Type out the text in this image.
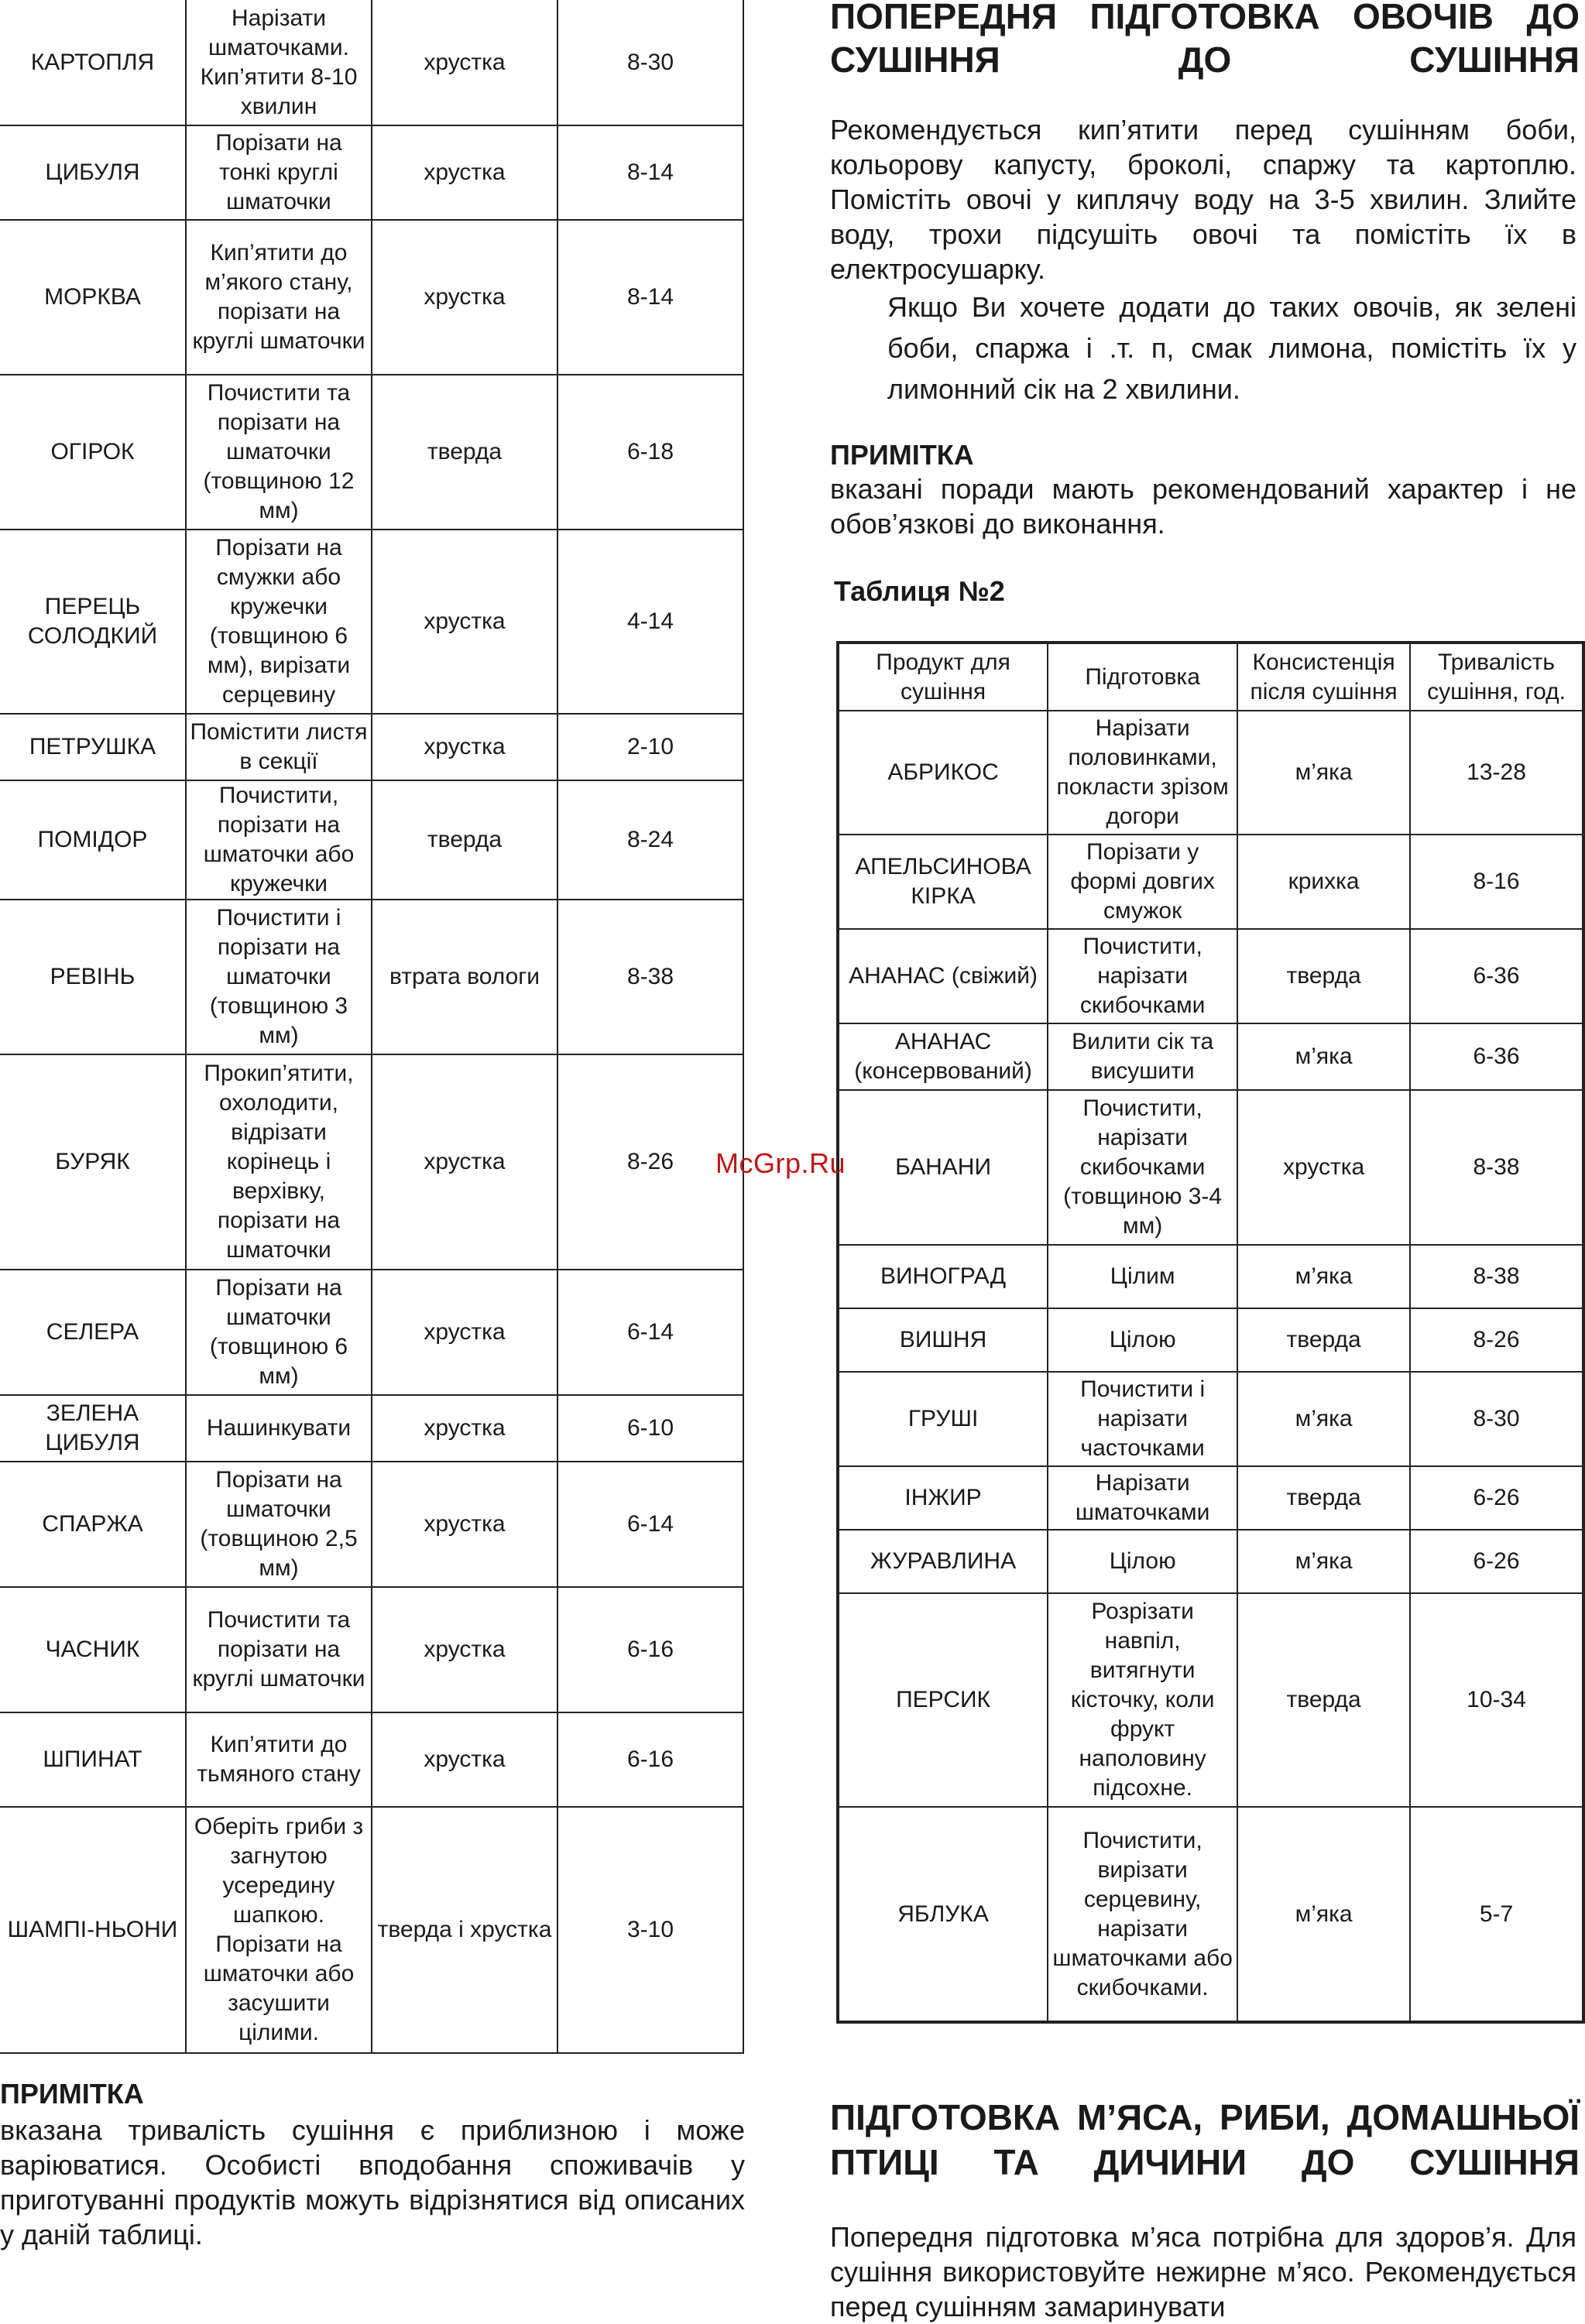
КАРТОПЛЯ	Нарізати шматочками. Кип’ятити 8-10 хвилин	хрустка	8-30
ЦИБУЛЯ	Порізати на тонкі круглі шматочки	хрустка	8-14
МОРКВА	Кип’ятити до м’якого стану, порізати на круглі шматочки	хрустка	8-14
ОГІРОК	Почистити та порізати на шматочки (товщиною 12 мм)	тверда	6-18
ПЕРЕЦЬ СОЛОДКИЙ	Порізати на смужки або кружечки (товщиною 6 мм), вирізати серцевину	хрустка	4-14
ПЕТРУШКА	Помістити листя в секції	хрустка	2-10
ПОМІДОР	Почистити, порізати на шматочки або кружечки	тверда	8-24
РЕВІНЬ	Почистити і порізати на шматочки (товщиною 3 мм)	втрата вологи	8-38
БУРЯК	Прокип’ятити, охолодити, відрізати корінець і верхівку, порізати на шматочки	хрустка	8-26
СЕЛЕРА	Порізати на шматочки (товщиною 6 мм)	хрустка	6-14
ЗЕЛЕНА ЦИБУЛЯ	Нашинкувати	хрустка	6-10
СПАРЖА	Порізати на шматочки (товщиною 2,5 мм)	хрустка	6-14
ЧАСНИК	Почистити та порізати на круглі шматочки	хрустка	6-16
ШПИНАТ	Кип’ятити до тьмяного стану	хрустка	6-16
ШАМПІ-НЬОНИ	Оберіть гриби з загнутою усередину шапкою. Порізати на шматочки або засушити цілими.	тверда і хрустка	3-10
ПРИМІТКА

вказана тривалість сушіння є приблизною і може варіюватися. Особисті вподобання споживачів у приготуванні продуктів можуть відрізнятися від описаних у даній таблиці.

ПОПЕРЕДНЯ ПІДГОТОВКА ОВОЧІВ ДО СУШІННЯ ДО СУШІННЯ

Рекомендується кип’ятити перед сушінням боби, кольорову капусту, броколі, спаржу та картоплю. Помістіть овочі у киплячу воду на 3-5 хвилин. Злийте воду, трохи підсушіть овочі та помістіть їх в електросушарку.

Якщо Ви хочете додати до таких овочів, як зелені боби, спаржа і .т. п, смак лимона, помістіть їх у лимонний сік на 2 хвилини.

ПРИМІТКА

вказані поради мають рекомендований характер і не обов’язкові до виконання.

Таблиця №2
Продукт для сушіння	Підготовка	Консистенція після сушіння	Тривалість сушіння, год.
АБРИКОС	Нарізати половинками, покласти зрізом догори	м’яка	13-28
АПЕЛЬСИНОВА КІРКА	Порізати у формі довгих смужок	крихка	8-16
АНАНАС (свіжий)	Почистити, нарізати скибочками	тверда	6-36
АНАНАС (консервований)	Вилити сік та висушити	м’яка	6-36
БАНАНИ	Почистити, нарізати скибочками (товщиною 3-4 мм)	хрустка	8-38
ВИНОГРАД	Цілим	м’яка	8-38
ВИШНЯ	Цілою	тверда	8-26
ГРУШІ	Почистити і нарізати часточками	м’яка	8-30
ІНЖИР	Нарізати шматочками	тверда	6-26
ЖУРАВЛИНА	Цілою	м’яка	6-26
ПЕРСИК	Розрізати навпіл, витягнути кісточку, коли фрукт наполовину підсохне.	тверда	10-34
ЯБЛУКА	Почистити, вирізати серцевину, нарізати шматочками або скибочками.	м’яка	5-7
ПІДГОТОВКА М’ЯСА, РИБИ, ДОМАШНЬОЇ ПТИЦІ ТА ДИЧИНИ ДО СУШІННЯ

Попередня підготовка м’яса потрібна для здоров’я. Для сушіння використовуйте нежирне м’ясо. Рекомендується перед сушінням замаринувати

McGrp.Ru
